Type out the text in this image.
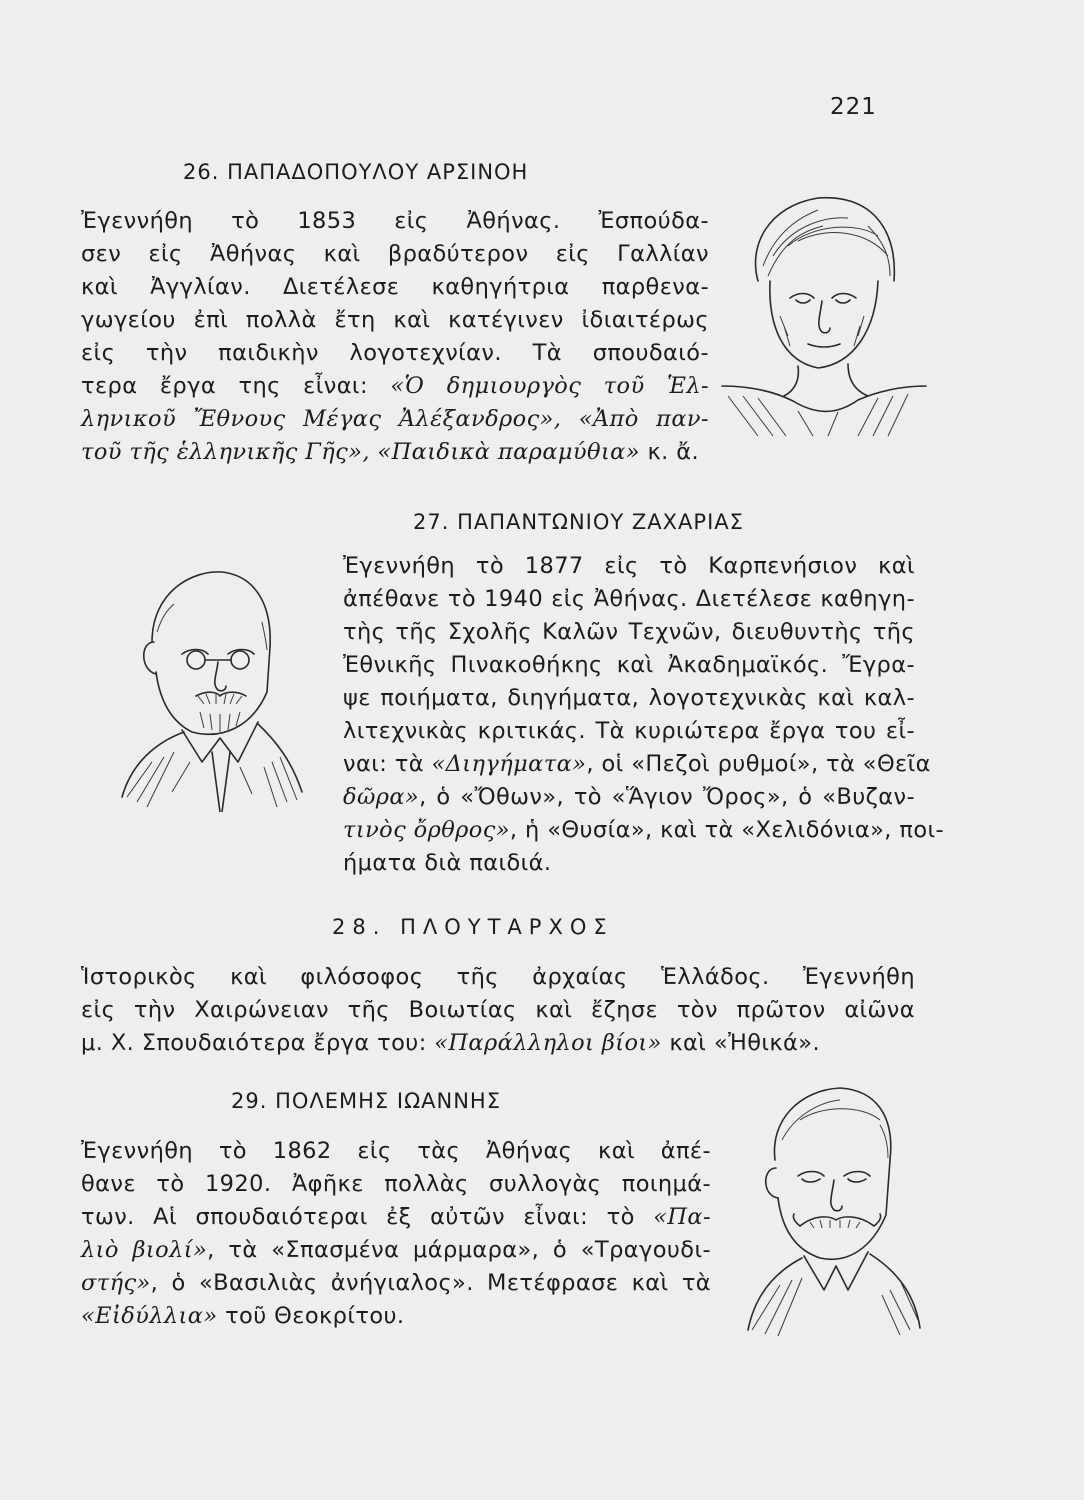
221
26. ΠΑΠΑΔΟΠΟΥΛΟΥ ΑΡΣΙΝΟΗ
Ἐγεννήθη τὸ 1853 εἰς Ἀθήνας. Ἐσπούδα-
σεν εἰς Ἀθήνας καὶ βραδύτερον εἰς Γαλλίαν
καὶ Ἀγγλίαν. Διετέλεσε καθηγήτρια παρθενα-
γωγείου ἐπὶ πολλὰ ἔτη καὶ κατέγινεν ἰδιαιτέρως
εἰς τὴν παιδικὴν λογοτεχνίαν. Τὰ σπουδαιό-
τερα ἔργα της εἶναι: «Ὁ δημιουργὸς τοῦ Ἑλ-
ληνικοῦ Ἔθνους Μέγας Ἀλέξανδρος», «Ἀπὸ παν-
τοῦ τῆς ἑλληνικῆς Γῆς», «Παιδικὰ παραμύθια» κ. ἄ.
27. ΠΑΠΑΝΤΩΝΙΟΥ ΖΑΧΑΡΙΑΣ
Ἐγεννήθη τὸ 1877 εἰς τὸ Καρπενήσιον καὶ
ἀπέθανε τὸ 1940 εἰς Ἀθήνας. Διετέλεσε καθηγη-
τὴς τῆς Σχολῆς Καλῶν Τεχνῶν, διευθυντὴς τῆς
Ἐθνικῆς Πινακοθήκης καὶ Ἀκαδημαϊκός. Ἔγρα-
ψε ποιήματα, διηγήματα, λογοτεχνικὰς καὶ καλ-
λιτεχνικὰς κριτικάς. Τὰ κυριώτερα ἔργα του εἶ-
ναι: τὰ «Διηγήματα», οἱ «Πεζοὶ ρυθμοί», τὰ «Θεῖα
δῶρα», ὁ «Ὄθων», τὸ «Ἅγιον Ὄρος», ὁ «Βυζαν-
τινὸς ὄρθρος», ἡ «Θυσία», καὶ τὰ «Χελιδόνια», ποι-
ήματα διὰ παιδιά.
28. ΠΛΟΥΤΑΡΧΟΣ
Ἱστορικὸς καὶ φιλόσοφος τῆς ἀρχαίας Ἑλλάδος. Ἐγεννήθη
εἰς τὴν Χαιρώνειαν τῆς Βοιωτίας καὶ ἔζησε τὸν πρῶτον αἰῶνα
μ. Χ. Σπουδαιότερα ἔργα του: «Παράλληλοι βίοι» καὶ «Ἠθικά».
29. ΠΟΛΕΜΗΣ ΙΩΑΝΝΗΣ
Ἐγεννήθη τὸ 1862 εἰς τὰς Ἀθήνας καὶ ἀπέ-
θανε τὸ 1920. Ἀφῆκε πολλὰς συλλογὰς ποιημά-
των. Αἱ σπουδαιότεραι ἐξ αὐτῶν εἶναι: τὸ «Πα-
λιὸ βιολί», τὰ «Σπασμένα μάρμαρα», ὁ «Τραγουδι-
στής», ὁ «Βασιλιὰς ἀνήγιαλος». Μετέφρασε καὶ τὰ
«Εἰδύλλια» τοῦ Θεοκρίτου.
